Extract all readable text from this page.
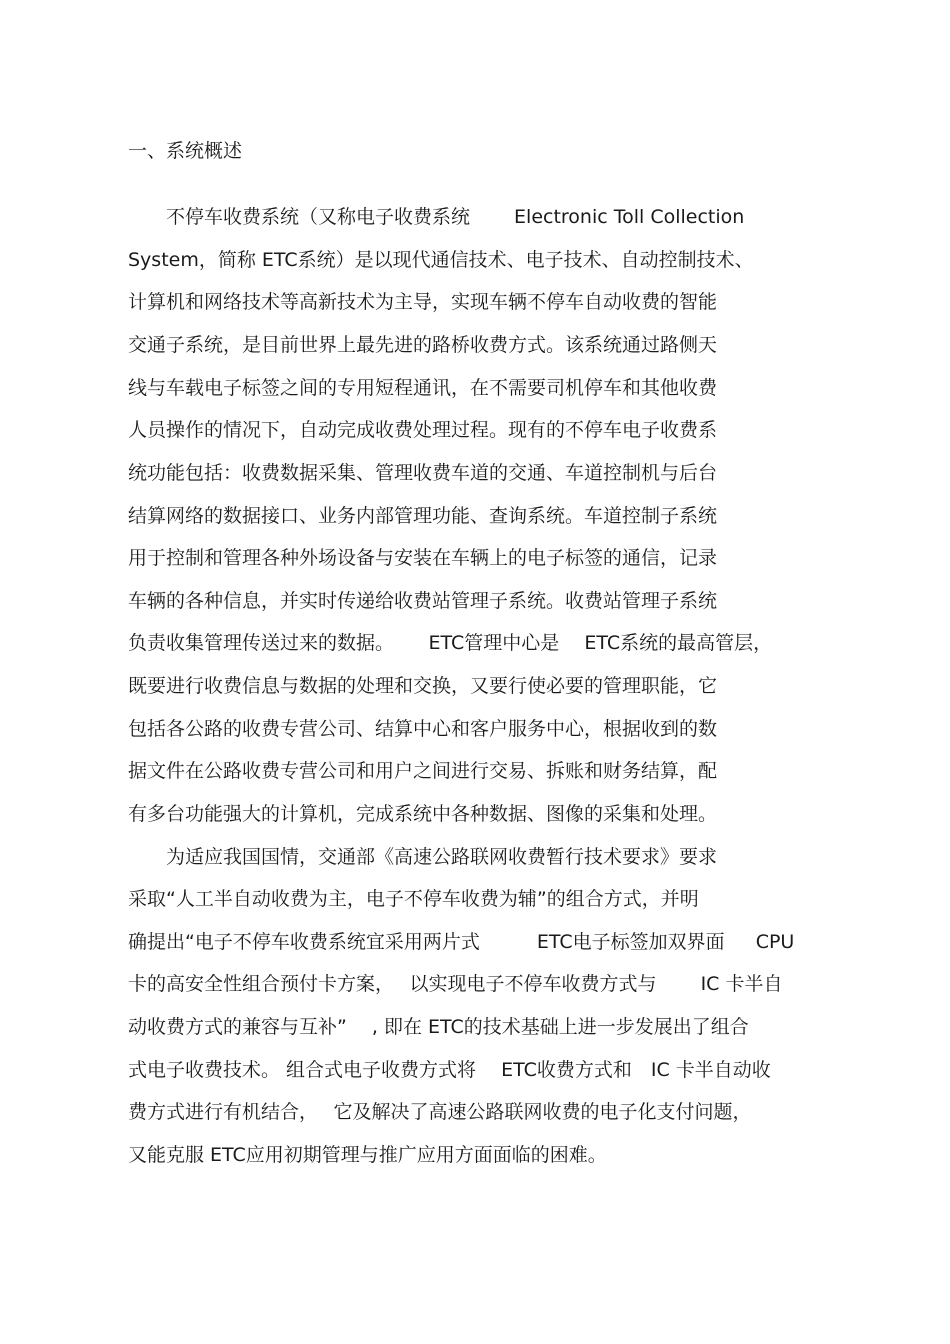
一、系统概述

　　不停车收费系统（又称电子收费系统　　 Electronic Toll Collection

System，简称 ETC系统）是以现代通信技术、电子技术、自动控制技术、

计算机和网络技术等高新技术为主导，实现车辆不停车自动收费的智能

交通子系统，是目前世界上最先进的路桥收费方式。该系统通过路侧天

线与车载电子标签之间的专用短程通讯，在不需要司机停车和其他收费

人员操作的情况下，自动完成收费处理过程。现有的不停车电子收费系

统功能包括：收费数据采集、管理收费车道的交通、车道控制机与后台

结算网络的数据接口、业务内部管理功能、查询系统。车道控制子系统

用于控制和管理各种外场设备与安装在车辆上的电子标签的通信，记录

车辆的各种信息，并实时传递给收费站管理子系统。收费站管理子系统

负责收集管理传送过来的数据。　　 ETC管理中心是 　ETC系统的最高管层，

既要进行收费信息与数据的处理和交换，又要行使必要的管理职能，它

包括各公路的收费专营公司、结算中心和客户服务中心，根据收到的数

据文件在公路收费专营公司和用户之间进行交易、拆账和财务结算，配

有多台功能强大的计算机，完成系统中各种数据、图像的采集和处理。

　　为适应我国国情，交通部《高速公路联网收费暂行技术要求》要求

采取“人工半自动收费为主，电子不停车收费为辅”的组合方式，并明

确提出“电子不停车收费系统宜采用两片式　　　ETC电子标签加双界面 　 CPU

卡的高安全性组合预付卡方案，　 以实现电子不停车收费方式与　 　IC 卡半自

动收费方式的兼容与互补”　 , 即在 ETC的技术基础上进一步发展出了组合

式电子收费技术。 组合式电子收费方式将　 ETC收费方式和　IC 卡半自动收

费方式进行有机结合，　 它及解决了高速公路联网收费的电子化支付问题，

又能克服 ETC应用初期管理与推广应用方面面临的困难。
